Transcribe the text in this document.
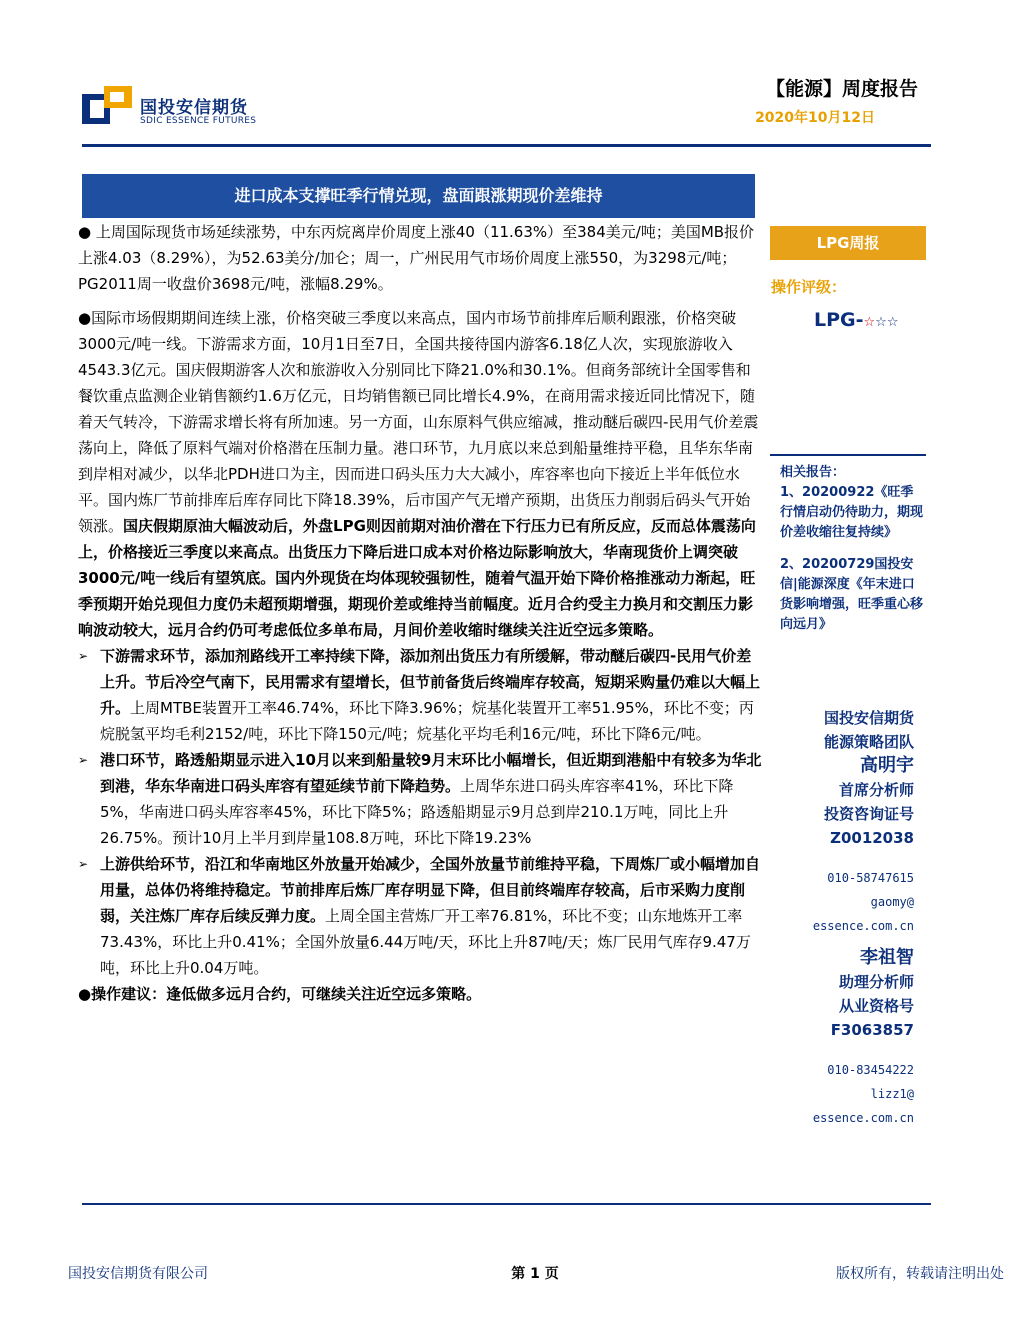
国投安信期货
SDIC ESSENCE FUTURES
【能源】周度报告
2020年10月12日
进口成本支撑旺季行情兑现，盘面跟涨期现价差维持

● 上周国际现货市场延续涨势，中东丙烷离岸价周度上涨40（11.63%）至384美元/吨；美国MB报价上涨4.03（8.29%），为52.63美分/加仑；周一，广州民用气市场价周度上涨550，为3298元/吨；PG2011周一收盘价3698元/吨，涨幅8.29%。

●国际市场假期期间连续上涨，价格突破三季度以来高点，国内市场节前排库后顺利跟涨，价格突破3000元/吨一线。下游需求方面，10月1日至7日，全国共接待国内游客6.18亿人次，实现旅游收入4543.3亿元。国庆假期游客人次和旅游收入分别同比下降21.0%和30.1%。但商务部统计全国零售和餐饮重点监测企业销售额约1.6万亿元，日均销售额已同比增长4.9%，在商用需求接近同比情况下，随着天气转冷，下游需求增长将有所加速。另一方面，山东原料气供应缩减，推动醚后碳四-民用气价差震荡向上，降低了原料气端对价格潜在压制力量。港口环节，九月底以来总到船量维持平稳，且华东华南到岸相对减少，以华北PDH进口为主，因而进口码头压力大大减小，库容率也向下接近上半年低位水平。国内炼厂节前排库后库存同比下降18.39%，后市国产气无增产预期，出货压力削弱后码头气开始领涨。国庆假期原油大幅波动后，外盘LPG则因前期对油价潜在下行压力已有所反应，反而总体震荡向上，价格接近三季度以来高点。出货压力下降后进口成本对价格边际影响放大，华南现货价上调突破3000元/吨一线后有望筑底。国内外现货在均体现较强韧性，随着气温开始下降价格推涨动力渐起，旺季预期开始兑现但力度仍未超预期增强，期现价差或维持当前幅度。近月合约受主力换月和交割压力影响波动较大，远月合约仍可考虑低位多单布局，月间价差收缩时继续关注近空远多策略。

➢ 下游需求环节，添加剂路线开工率持续下降，添加剂出货压力有所缓解，带动醚后碳四-民用气价差上升。节后冷空气南下，民用需求有望增长，但节前备货后终端库存较高，短期采购量仍难以大幅上升。上周MTBE装置开工率46.74%，环比下降3.96%；烷基化装置开工率51.95%，环比不变；丙烷脱氢平均毛利2152/吨，环比下降150元/吨；烷基化平均毛利16元/吨，环比下降6元/吨。

➢ 港口环节，路透船期显示进入10月以来到船量较9月末环比小幅增长，但近期到港船中有较多为华北到港，华东华南进口码头库容有望延续节前下降趋势。上周华东进口码头库容率41%，环比下降5%，华南进口码头库容率45%，环比下降5%；路透船期显示9月总到岸210.1万吨，同比上升26.75%。预计10月上半月到岸量108.8万吨，环比下降19.23%

➢ 上游供给环节，沿江和华南地区外放量开始减少，全国外放量节前维持平稳，下周炼厂或小幅增加自用量，总体仍将维持稳定。节前排库后炼厂库存明显下降，但目前终端库存较高，后市采购力度削弱，关注炼厂库存后续反弹力度。上周全国主营炼厂开工率76.81%，环比不变；山东地炼开工率73.43%，环比上升0.41%；全国外放量6.44万吨/天，环比上升87吨/天；炼厂民用气库存9.47万吨，环比上升0.04万吨。

●操作建议：逢低做多远月合约，可继续关注近空远多策略。

LPG周报
操作评级：
LPG-☆☆☆

相关报告：

1、20200922《旺季行情启动仍待助力，期现价差收缩往复持续》

2、20200729国投安信|能源深度《年末进口货影响增强，旺季重心移向远月》

国投安信期货
能源策略团队
高明宇
首席分析师
投资咨询证号
Z0012038
010-58747615
gaomy@
essence.com.cn
李祖智
助理分析师
从业资格号
F3063857
010-83454222
lizz1@
essence.com.cn
国投安信期货有限公司	第 1 页	版权所有，转载请注明出处
